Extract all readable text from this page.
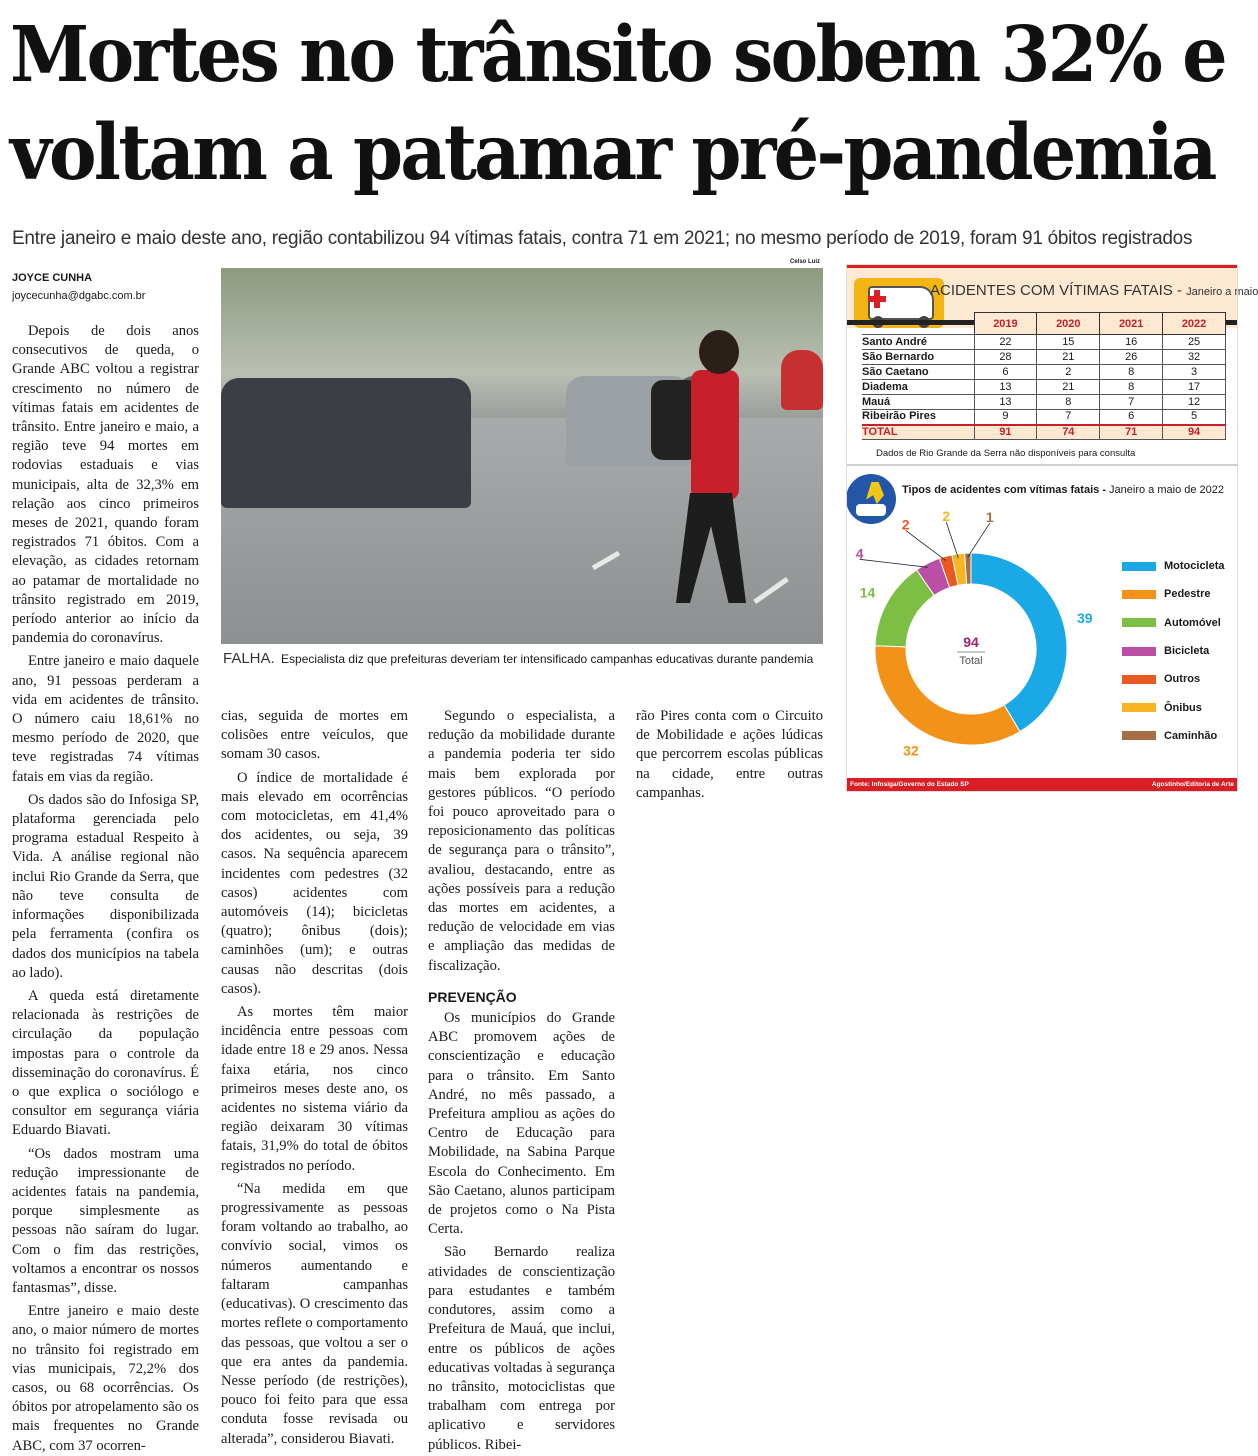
Mortes no trânsito sobem 32% e
voltam a patamar pré-pandemia
Entre janeiro e maio deste ano, região contabilizou 94 vítimas fatais, contra 71 em 2021; no mesmo período de 2019, foram 91 óbitos registrados
JOYCE CUNHA
joycecunha@dgabc.com.br

Depois de dois anos consecutivos de queda, o Grande ABC voltou a registrar crescimento no número de vítimas fatais em acidentes de trânsito. Entre janeiro e maio, a região teve 94 mortes em rodovias estaduais e vias municipais, alta de 32,3% em relação aos cinco primeiros meses de 2021, quando foram registrados 71 óbitos. Com a elevação, as cidades retornam ao patamar de mortalidade no trânsito registrado em 2019, período anterior ao início da pandemia do coronavírus.

Entre janeiro e maio daquele ano, 91 pessoas perderam a vida em acidentes de trânsito. O número caiu 18,61% no mesmo período de 2020, que teve registradas 74 vítimas fatais em vias da região.

Os dados são do Infosiga SP, plataforma gerenciada pelo programa estadual Respeito à Vida. A análise regional não inclui Rio Grande da Serra, que não teve consulta de informações disponibilizada pela ferramenta (confira os dados dos municípios na tabela ao lado).

A queda está diretamente relacionada às restrições de circulação da população impostas para o controle da disseminação do coronavírus. É o que explica o sociólogo e consultor em segurança viária Eduardo Biavati.

“Os dados mostram uma redução impressionante de acidentes fatais na pandemia, porque simplesmente as pessoas não saíram do lugar. Com o fim das restrições, voltamos a encontrar os nossos fantasmas”, disse.

Entre janeiro e maio deste ano, o maior número de mortes no trânsito foi registrado em vias municipais, 72,2% dos casos, ou 68 ocorrências. Os óbitos por atropelamento são os mais frequentes no Grande ABC, com 37 ocorren-

Celso Luiz
FALHA. Especialista diz que prefeituras deveriam ter intensificado campanhas educativas durante pandemia

cias, seguida de mortes em colisões entre veículos, que somam 30 casos.

O índice de mortalidade é mais elevado em ocorrências com motocicletas, em 41,4% dos acidentes, ou seja, 39 casos. Na sequência aparecem incidentes com pedestres (32 casos) acidentes com automóveis (14); bicicletas (quatro); ônibus (dois); caminhões (um); e outras causas não descritas (dois casos).

As mortes têm maior incidência entre pessoas com idade entre 18 e 29 anos. Nessa faixa etária, nos cinco primeiros meses deste ano, os acidentes no sistema viário da região deixaram 30 vítimas fatais, 31,9% do total de óbitos registrados no período.

“Na medida em que progressivamente as pessoas foram voltando ao trabalho, ao convívio social, vimos os números aumentando e faltaram campanhas (educativas). O crescimento das mortes reflete o comportamento das pessoas, que voltou a ser o que era antes da pandemia. Nesse período (de restrições), pouco foi feito para que essa conduta fosse revisada ou alterada”, considerou Biavati.

Segundo o especialista, a redução da mobilidade durante a pandemia poderia ter sido mais bem explorada por gestores públicos. “O período foi pouco aproveitado para o reposicionamento das políticas de segurança para o trânsito”, avaliou, destacando, entre as ações possíveis para a redução das mortes em acidentes, a redução de velocidade em vias e ampliação das medidas de fiscalização.

PREVENÇÃO

Os municípios do Grande ABC promovem ações de conscientização e educação para o trânsito. Em Santo André, no mês passado, a Prefeitura ampliou as ações do Centro de Educação para Mobilidade, na Sabina Parque Escola do Conhecimento. Em São Caetano, alunos participam de projetos como o Na Pista Certa.

São Bernardo realiza atividades de conscientização para estudantes e também condutores, assim como a Prefeitura de Mauá, que inclui, entre os públicos de ações educativas voltadas à segurança no trânsito, motociclistas que trabalham com entrega por aplicativo e servidores públicos. Ribei-

rão Pires conta com o Circuito de Mobilidade e ações lúdicas que percorrem escolas públicas na cidade, entre outras campanhas.

ACIDENTES COM VÍTIMAS FATAIS - Janeiro a maio
	2019	2020	2021	2022
Santo André	22	15	16	25
São Bernardo	28	21	26	32
São Caetano	6	2	8	3
Diadema	13	21	8	17
Mauá	13	8	7	12
Ribeirão Pires	9	7	6	5
TOTAL	91	74	71	94
Dados de Rio Grande da Serra não disponíveis para consulta
Tipos de acidentes com vítimas fatais - Janeiro a maio de 2022
39
32
14
4
2
2	1
94
Total
Motocicleta
Pedestre
Automóvel
Bicicleta
Outros
Ônibus
Caminhão
Fonte: Infosiga/Governo do Estado SP	Agostinho/Editoria de Arte
